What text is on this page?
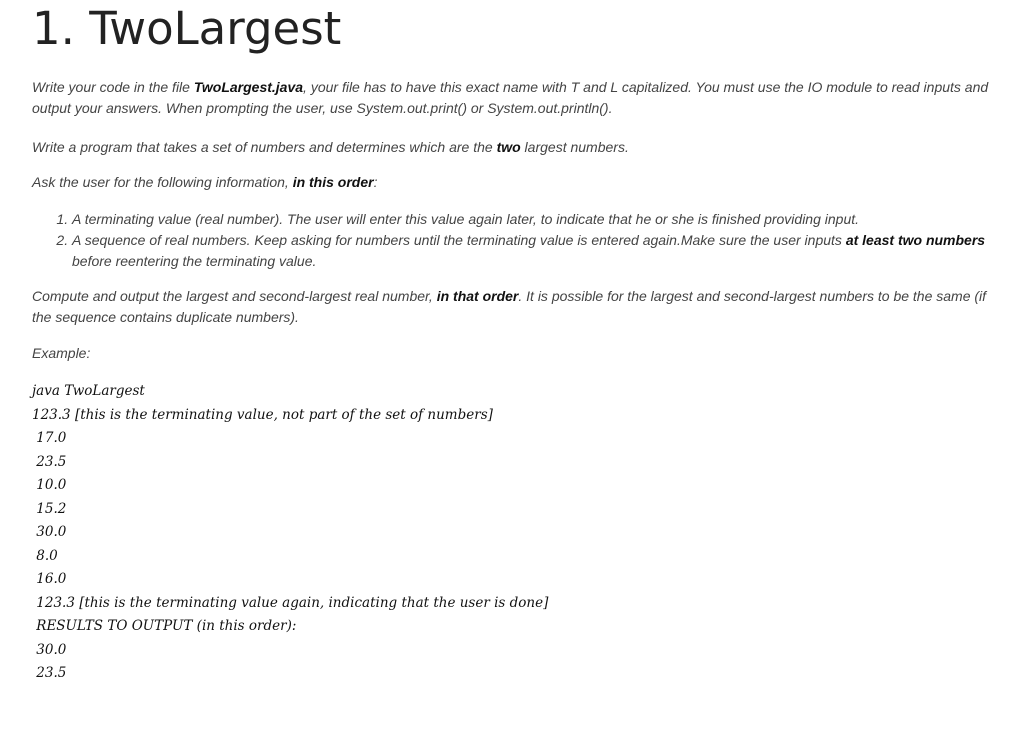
1. TwoLargest

Write your code in the file TwoLargest.java, your file has to have this exact name with T and L capitalized. You must use the IO module to read inputs and output your answers. When prompting the user, use System.out.print() or System.out.println().

Write a program that takes a set of numbers and determines which are the two largest numbers.

Ask the user for the following information, in this order:

1. A terminating value (real number). The user will enter this value again later, to indicate that he or she is finished providing input.
2. A sequence of real numbers. Keep asking for numbers until the terminating value is entered again.Make sure the user inputs at least two numbers before reentering the terminating value.

Compute and output the largest and second-largest real number, in that order. It is possible for the largest and second-largest numbers to be the same (if the sequence contains duplicate numbers).

Example:

java TwoLargest
123.3 [this is the terminating value, not part of the set of numbers]
17.0
23.5
10.0
15.2
30.0
8.0
16.0
123.3 [this is the terminating value again, indicating that the user is done]
RESULTS TO OUTPUT (in this order):
30.0
23.5
